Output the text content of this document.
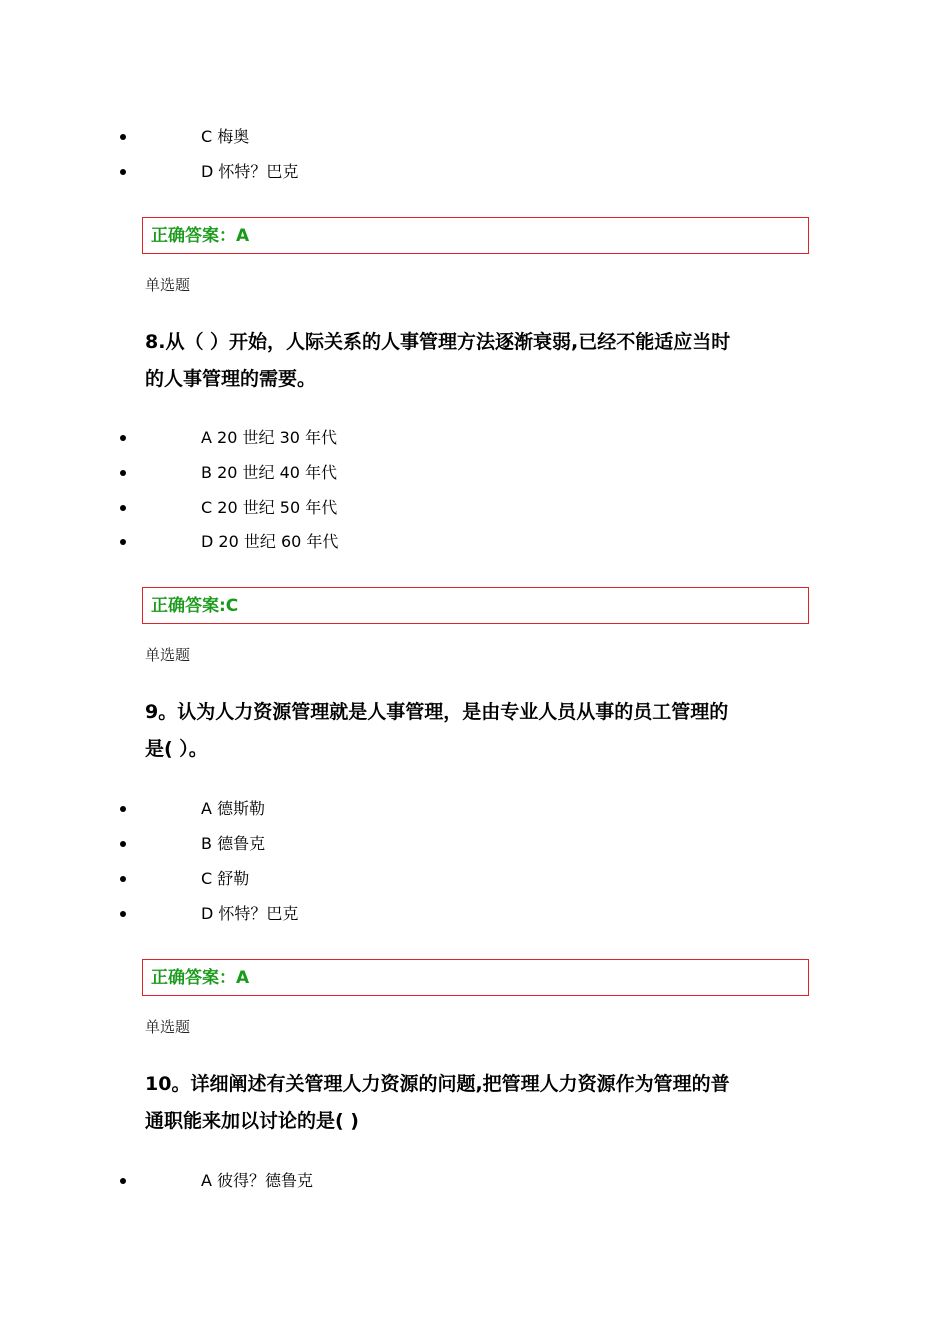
C 梅奥
D 怀特？巴克
正确答案：A
单选题
8.从（ ）开始，人际关系的人事管理方法逐渐衰弱,已经不能适应当时
的人事管理的需要。
A 20 世纪 30 年代
B 20 世纪 40 年代
C 20 世纪 50 年代
D 20 世纪 60 年代
正确答案:C
单选题
9。认为人力资源管理就是人事管理，是由专业人员从事的员工管理的
是( ）。
A 德斯勒
B 德鲁克
C 舒勒
D 怀特？巴克
正确答案：A
单选题
10。详细阐述有关管理人力资源的问题,把管理人力资源作为管理的普
通职能来加以讨论的是( )
A 彼得？德鲁克
